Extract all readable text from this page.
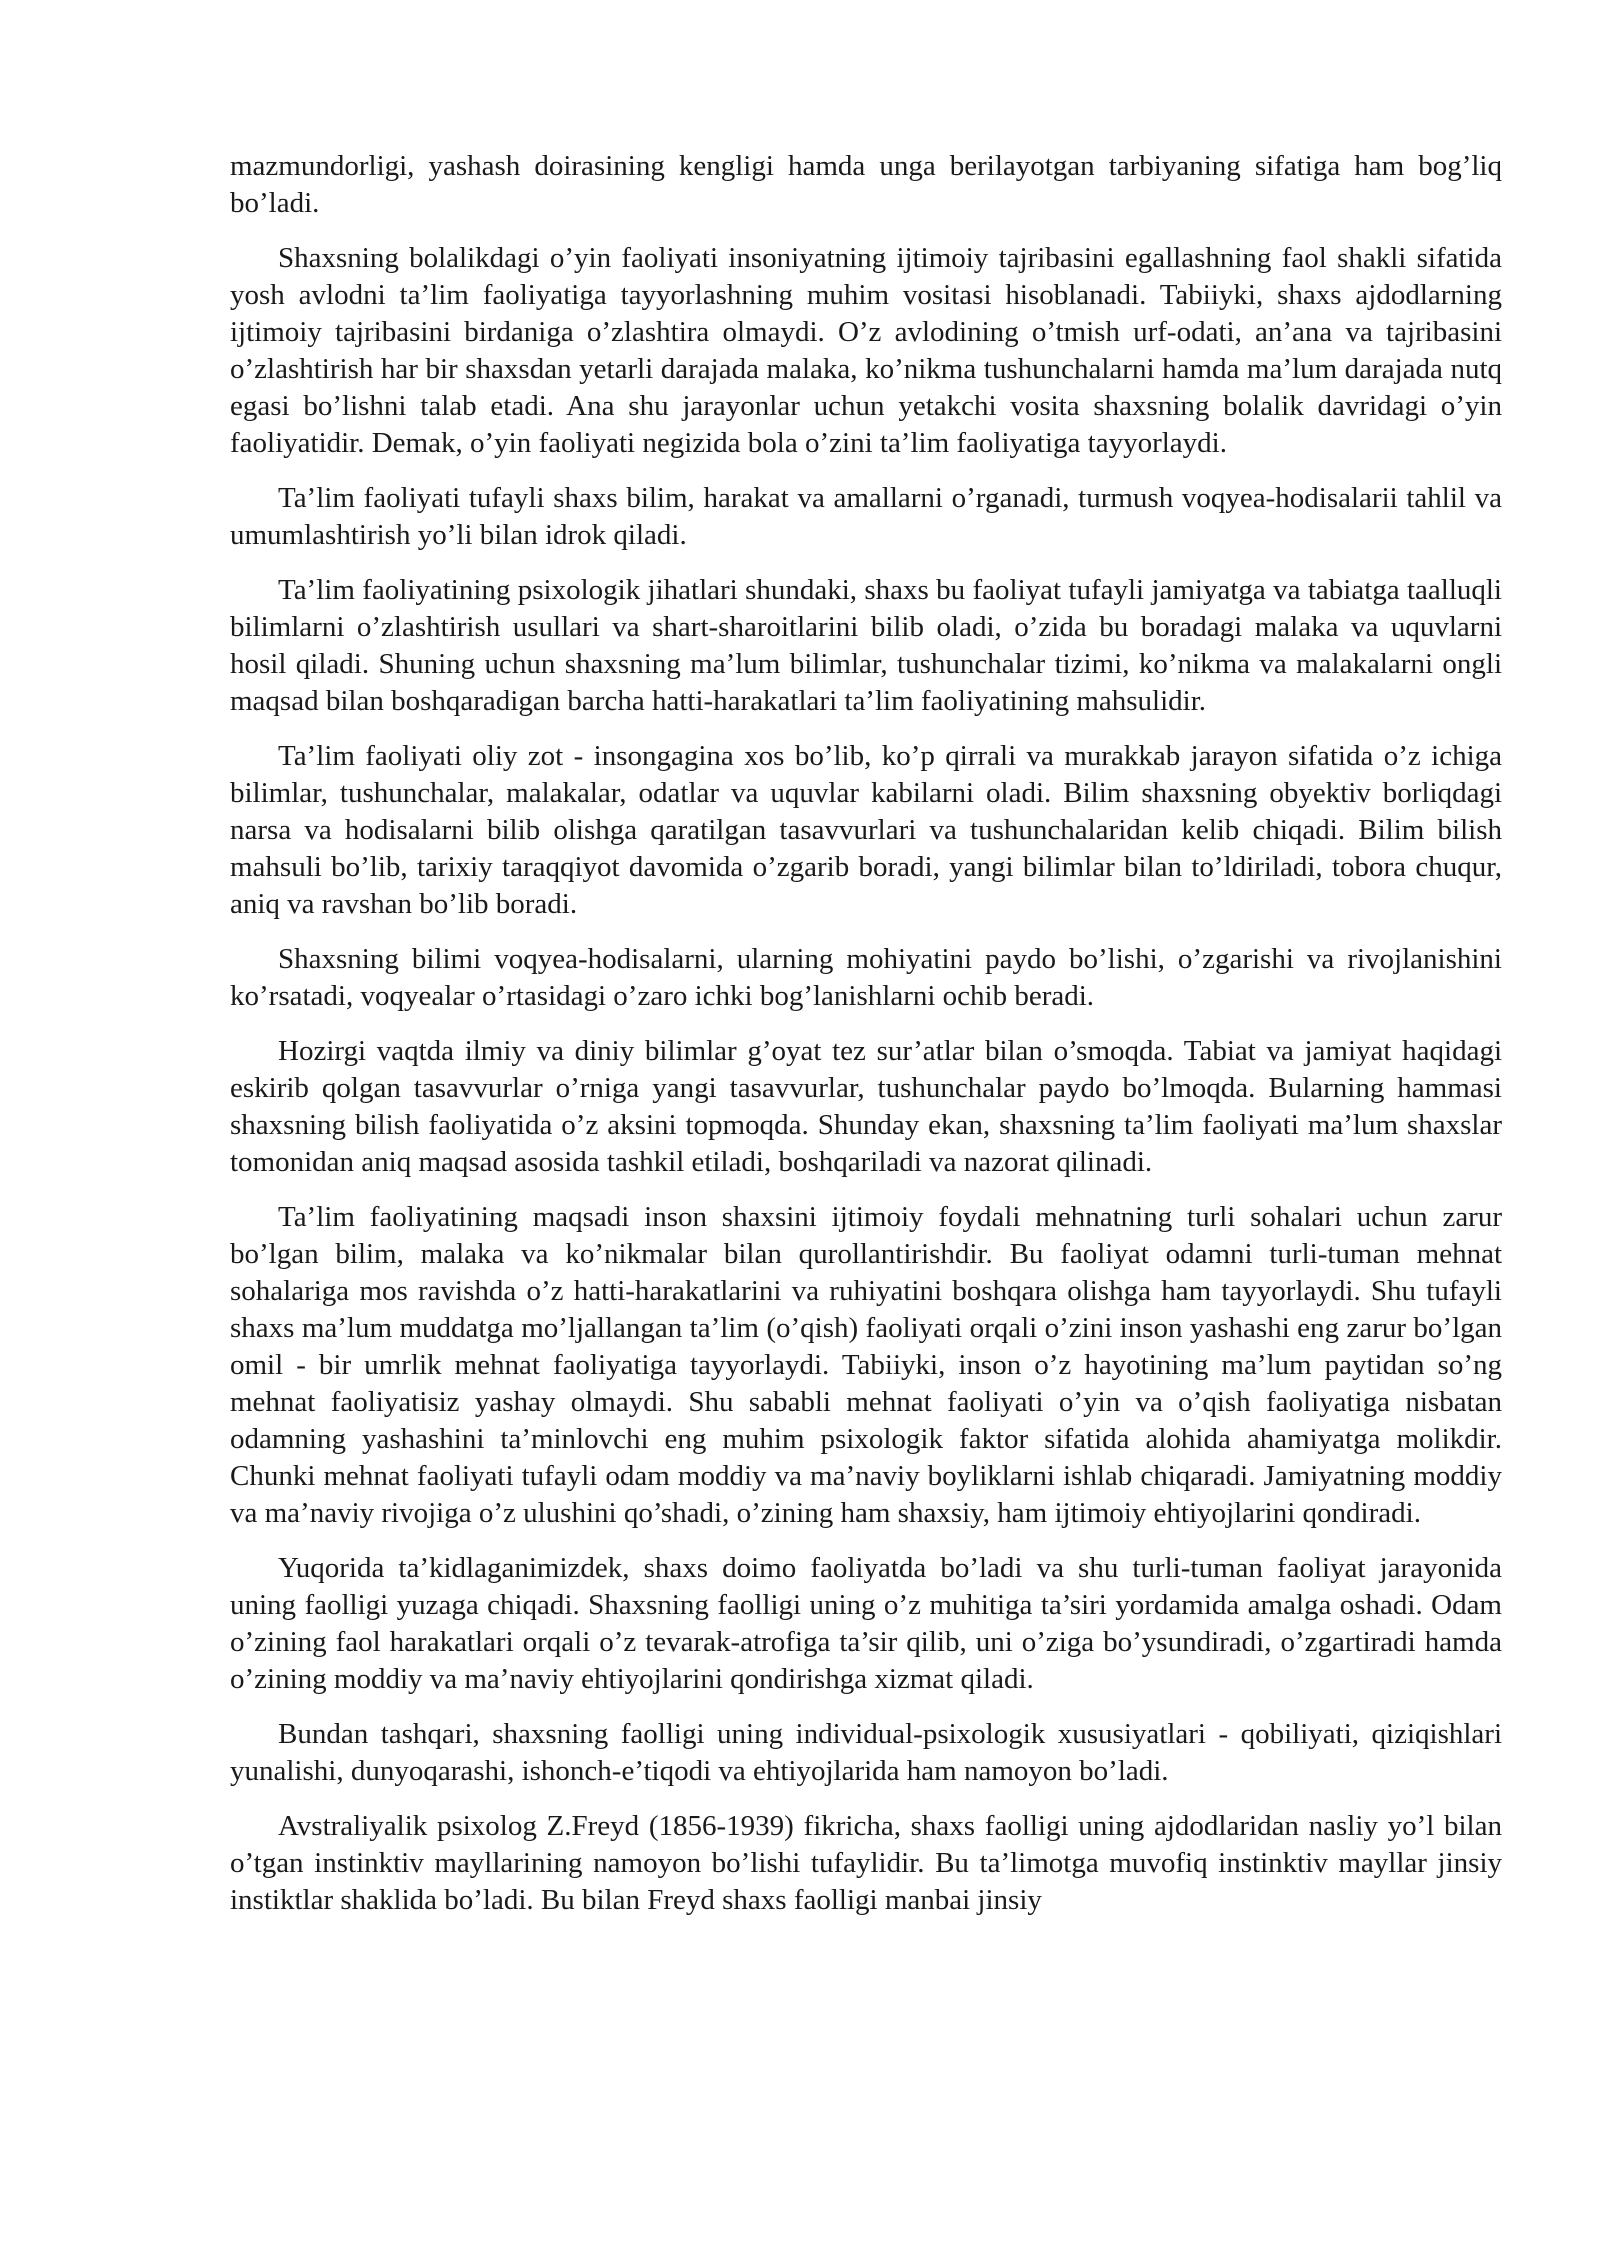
mazmundorligi, yashash doirasining kengligi hamda unga berilayotgan tarbiyaning sifatiga ham bog’liq bo’ladi.

Shaxsning bolalikdagi o’yin faoliyati insoniyatning ijtimoiy tajribasini egallashning faol shakli sifatida yosh avlodni ta’lim faoliyatiga tayyorlashning muhim vositasi hisoblanadi. Tabiiyki, shaxs ajdodlarning ijtimoiy tajribasini birdaniga o’zlashtira olmaydi. O’z avlodining o’tmish urf-odati, an’ana va tajribasini o’zlashtirish har bir shaxsdan yetarli darajada malaka, ko’nikma tushunchalarni hamda ma’lum darajada nutq egasi bo’lishni talab etadi. Ana shu jarayonlar uchun yetakchi vosita shaxsning bolalik davridagi o’yin faoliyatidir. Demak, o’yin faoliyati negizida bola o’zini ta’lim faoliyatiga tayyorlaydi.

Ta’lim faoliyati tufayli shaxs bilim, harakat va amallarni o’rganadi, turmush voqyea-hodisalarii tahlil va umumlashtirish yo’li bilan idrok qiladi.

Ta’lim faoliyatining psixologik jihatlari shundaki, shaxs bu faoliyat tufayli jamiyatga va tabiatga taalluqli bilimlarni o’zlashtirish usullari va shart-sharoitlarini bilib oladi, o’zida bu boradagi malaka va uquvlarni hosil qiladi. Shuning uchun shaxsning ma’lum bilimlar, tushunchalar tizimi, ko’nikma va malakalarni ongli maqsad bilan boshqaradigan barcha hatti-harakatlari ta’lim faoliyatining mahsulidir.

Ta’lim faoliyati oliy zot - insongagina xos bo’lib, ko’p qirrali va murakkab jarayon sifatida o’z ichiga bilimlar, tushunchalar, malakalar, odatlar va uquvlar kabilarni oladi. Bilim shaxsning obyektiv borliqdagi narsa va hodisalarni bilib olishga qaratilgan tasavvurlari va tushunchalaridan kelib chiqadi. Bilim bilish mahsuli bo’lib, tarixiy taraqqiyot davomida o’zgarib boradi, yangi bilimlar bilan to’ldiriladi, tobora chuqur, aniq va ravshan bo’lib boradi.

Shaxsning bilimi voqyea-hodisalarni, ularning mohiyatini paydo bo’lishi, o’zgarishi va rivojlanishini ko’rsatadi, voqyealar o’rtasidagi o’zaro ichki bog’lanishlarni ochib beradi.

Hozirgi vaqtda ilmiy va diniy bilimlar g’oyat tez sur’atlar bilan o’smoqda. Tabiat va jamiyat haqidagi eskirib qolgan tasavvurlar o’rniga yangi tasavvurlar, tushunchalar paydo bo’lmoqda. Bularning hammasi shaxsning bilish faoliyatida o’z aksini topmoqda. Shunday ekan, shaxsning ta’lim faoliyati ma’lum shaxslar tomonidan aniq maqsad asosida tashkil etiladi, boshqariladi va nazorat qilinadi.

Ta’lim faoliyatining maqsadi inson shaxsini ijtimoiy foydali mehnatning turli sohalari uchun zarur bo’lgan bilim, malaka va ko’nikmalar bilan qurollantirishdir. Bu faoliyat odamni turli-tuman mehnat sohalariga mos ravishda o’z hatti-harakatlarini va ruhiyatini boshqara olishga ham tayyorlaydi. Shu tufayli shaxs ma’lum muddatga mo’ljallangan ta’lim (o’qish) faoliyati orqali o’zini inson yashashi eng zarur bo’lgan omil - bir umrlik mehnat faoliyatiga tayyorlaydi. Tabiiyki, inson o’z hayotining ma’lum paytidan so’ng mehnat faoliyatisiz yashay olmaydi. Shu sababli mehnat faoliyati o’yin va o’qish faoliyatiga nisbatan odamning yashashini ta’minlovchi eng muhim psixologik faktor sifatida alohida ahamiyatga molikdir. Chunki mehnat faoliyati tufayli odam moddiy va ma’naviy boyliklarni ishlab chiqaradi. Jamiyatning moddiy va ma’naviy rivojiga o’z ulushini qo’shadi, o’zining ham shaxsiy, ham ijtimoiy ehtiyojlarini qondiradi.

Yuqorida ta’kidlaganimizdek, shaxs doimo faoliyatda bo’ladi va shu turli-tuman faoliyat jarayonida uning faolligi yuzaga chiqadi. Shaxsning faolligi uning o’z muhitiga ta’siri yordamida amalga oshadi. Odam o’zining faol harakatlari orqali o’z tevarak-atrofiga ta’sir qilib, uni o’ziga bo’ysundiradi, o’zgartiradi hamda o’zining moddiy va ma’naviy ehtiyojlarini qondirishga xizmat qiladi.

Bundan tashqari, shaxsning faolligi uning individual-psixologik xususiyatlari - qobiliyati, qiziqishlari yunalishi, dunyoqarashi, ishonch-e’tiqodi va ehtiyojlarida ham namoyon bo’ladi.

Avstraliyalik psixolog Z.Freyd (1856-1939) fikricha, shaxs faolligi uning ajdodlaridan nasliy yo’l bilan o’tgan instinktiv mayllarining namoyon bo’lishi tufaylidir. Bu ta’limotga muvofiq instinktiv mayllar jinsiy instiktlar shaklida bo’ladi. Bu bilan Freyd shaxs faolligi manbai jinsiy
